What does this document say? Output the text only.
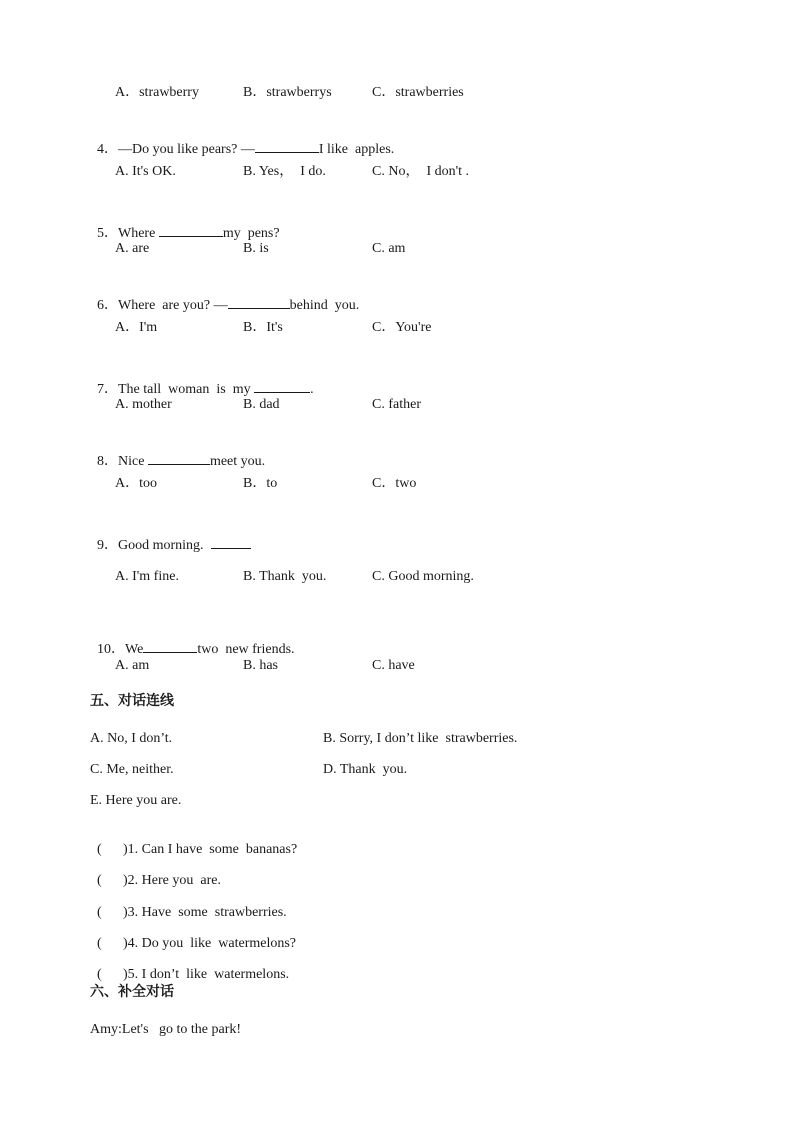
A．strawberry	B．strawberrys	C．strawberries

4．—Do you like pears? —	I like  apples.

A. It's OK.	B. Yes，  I do.	C. No，  I don't .

5．Where	my  pens?

A. are	B. is	C. am

6．Where  are you? —	behind  you.

A．I'm	B．It's	C．You're

7．The tall  woman  is  my	.

A. mother	B. dad	C. father

8．Nice	meet you.

A．too	B．to	C．two

9．Good morning.

A. I'm fine.	B. Thank  you.	C. Good morning.

10．We	two  new friends.

A. am	B. has	C. have
五、对话连线
A. No, I don’t.	B. Sorry, I don’t like  strawberries.
C. Me, neither.	D. Thank  you.
E. Here you are.

( )1. Can I have  some  bananas?

( )2. Here you  are.

( )3. Have  some  strawberries.

( )4. Do you  like  watermelons?

( )5. I don’t  like  watermelons.

六、补全对话
Amy:Let's   go to the park!
